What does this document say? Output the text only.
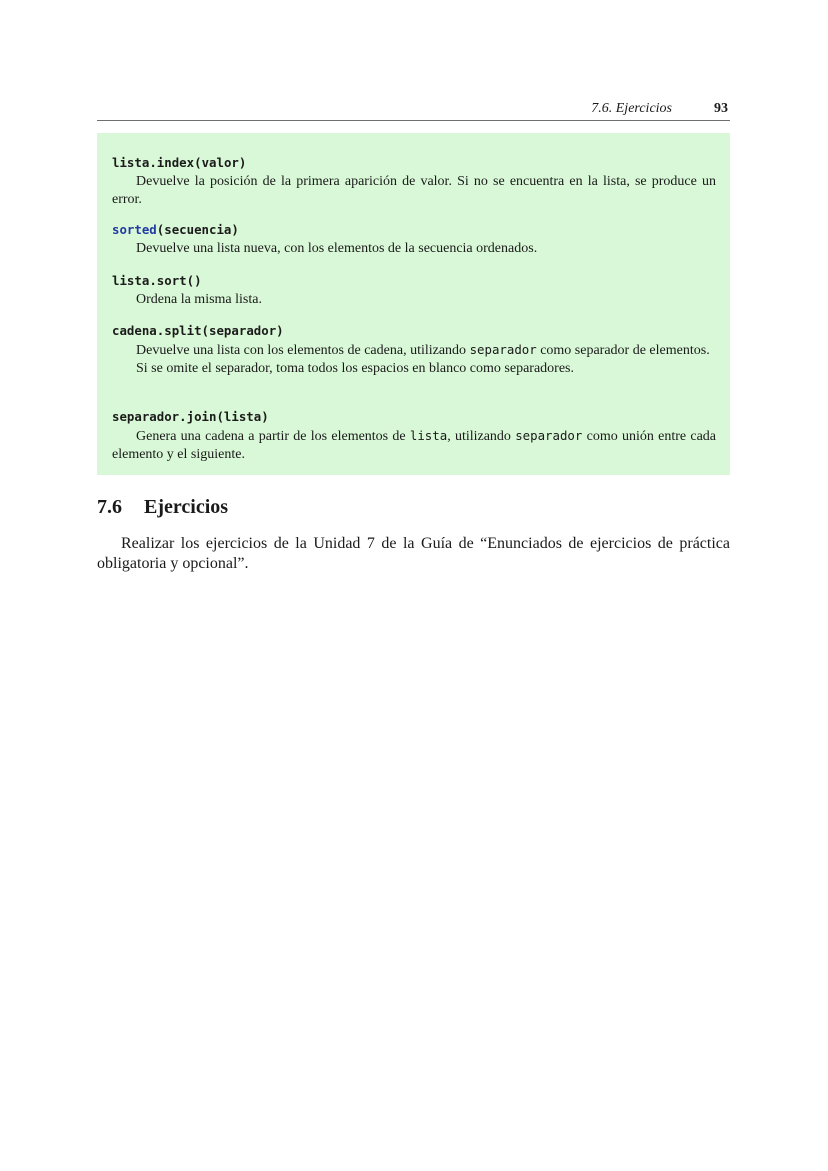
7.6. Ejercicios	93
lista.index(valor)

Devuelve la posición de la primera aparición de valor. Si no se encuentra en la lista, se produce un error.

sorted(secuencia)

Devuelve una lista nueva, con los elementos de la secuencia ordenados.

lista.sort()

Ordena la misma lista.

cadena.split(separador)

Devuelve una lista con los elementos de cadena, utilizando separador como separador de elementos.

Si se omite el separador, toma todos los espacios en blanco como separadores.

separador.join(lista)

Genera una cadena a partir de los elementos de lista, utilizando separador como unión entre cada elemento y el siguiente.

7.6 Ejercicios

Realizar los ejercicios de la Unidad 7 de la Guía de “Enunciados de ejercicios de práctica obligatoria y opcional”.
